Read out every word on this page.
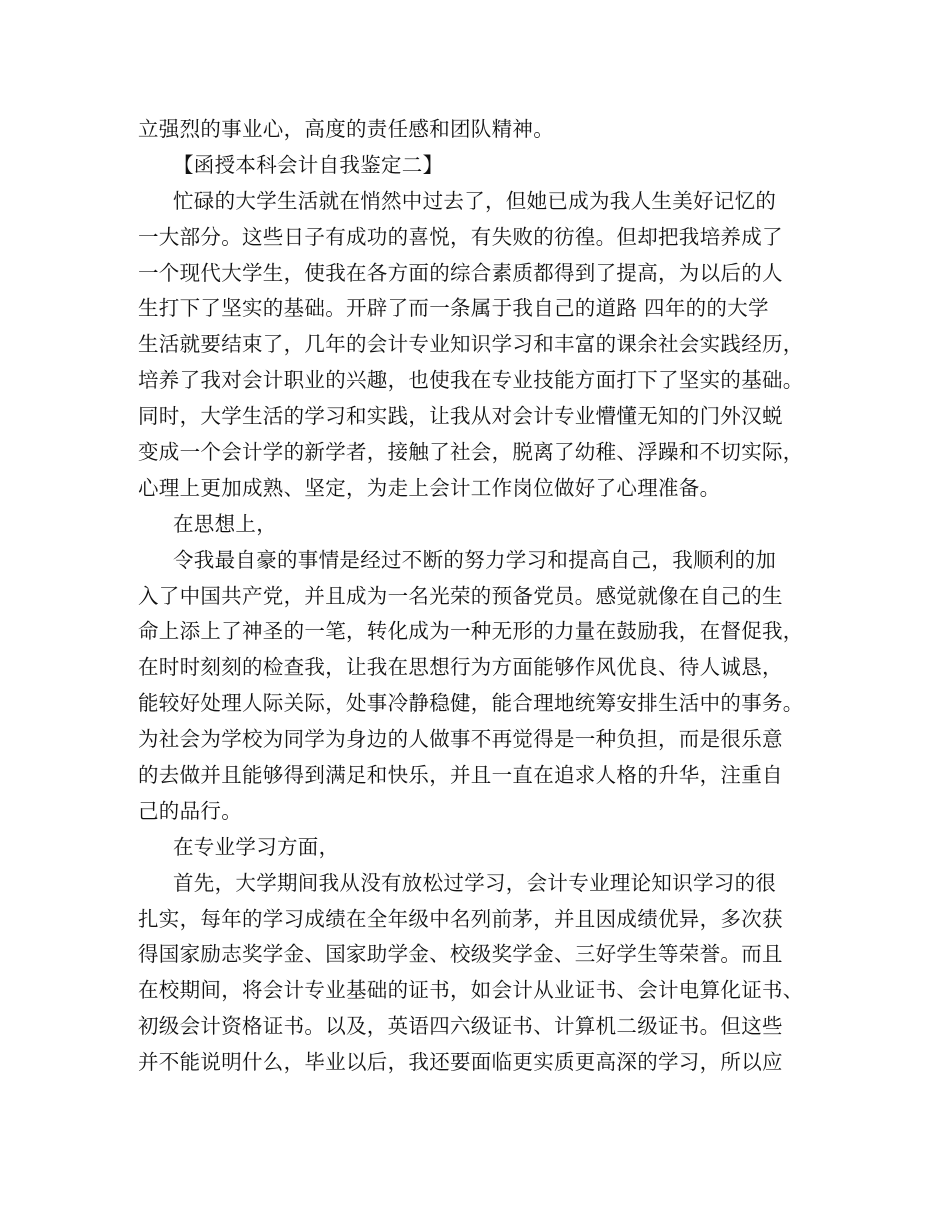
立强烈的事业心，高度的责任感和团队精神。
【函授本科会计自我鉴定二】
忙碌的大学生活就在悄然中过去了，但她已成为我人生美好记忆的
一大部分。这些日子有成功的喜悦，有失败的彷徨。但却把我培养成了
一个现代大学生，使我在各方面的综合素质都得到了提高，为以后的人
生打下了坚实的基础。开辟了而一条属于我自己的道路 四年的的大学
生活就要结束了，几年的会计专业知识学习和丰富的课余社会实践经历，
培养了我对会计职业的兴趣，也使我在专业技能方面打下了坚实的基础。
同时，大学生活的学习和实践，让我从对会计专业懵懂无知的门外汉蜕
变成一个会计学的新学者，接触了社会，脱离了幼稚、浮躁和不切实际，
心理上更加成熟、坚定，为走上会计工作岗位做好了心理准备。
在思想上，
令我最自豪的事情是经过不断的努力学习和提高自己，我顺利的加
入了中国共产党，并且成为一名光荣的预备党员。感觉就像在自己的生
命上添上了神圣的一笔，转化成为一种无形的力量在鼓励我，在督促我，
在时时刻刻的检查我，让我在思想行为方面能够作风优良、待人诚恳，
能较好处理人际关际，处事冷静稳健，能合理地统筹安排生活中的事务。
为社会为学校为同学为身边的人做事不再觉得是一种负担，而是很乐意
的去做并且能够得到满足和快乐，并且一直在追求人格的升华，注重自
己的品行。
在专业学习方面，
首先，大学期间我从没有放松过学习，会计专业理论知识学习的很
扎实，每年的学习成绩在全年级中名列前茅，并且因成绩优异，多次获
得国家励志奖学金、国家助学金、校级奖学金、三好学生等荣誉。而且
在校期间，将会计专业基础的证书，如会计从业证书、会计电算化证书、
初级会计资格证书。以及，英语四六级证书、计算机二级证书。但这些
并不能说明什么，毕业以后，我还要面临更实质更高深的学习，所以应
